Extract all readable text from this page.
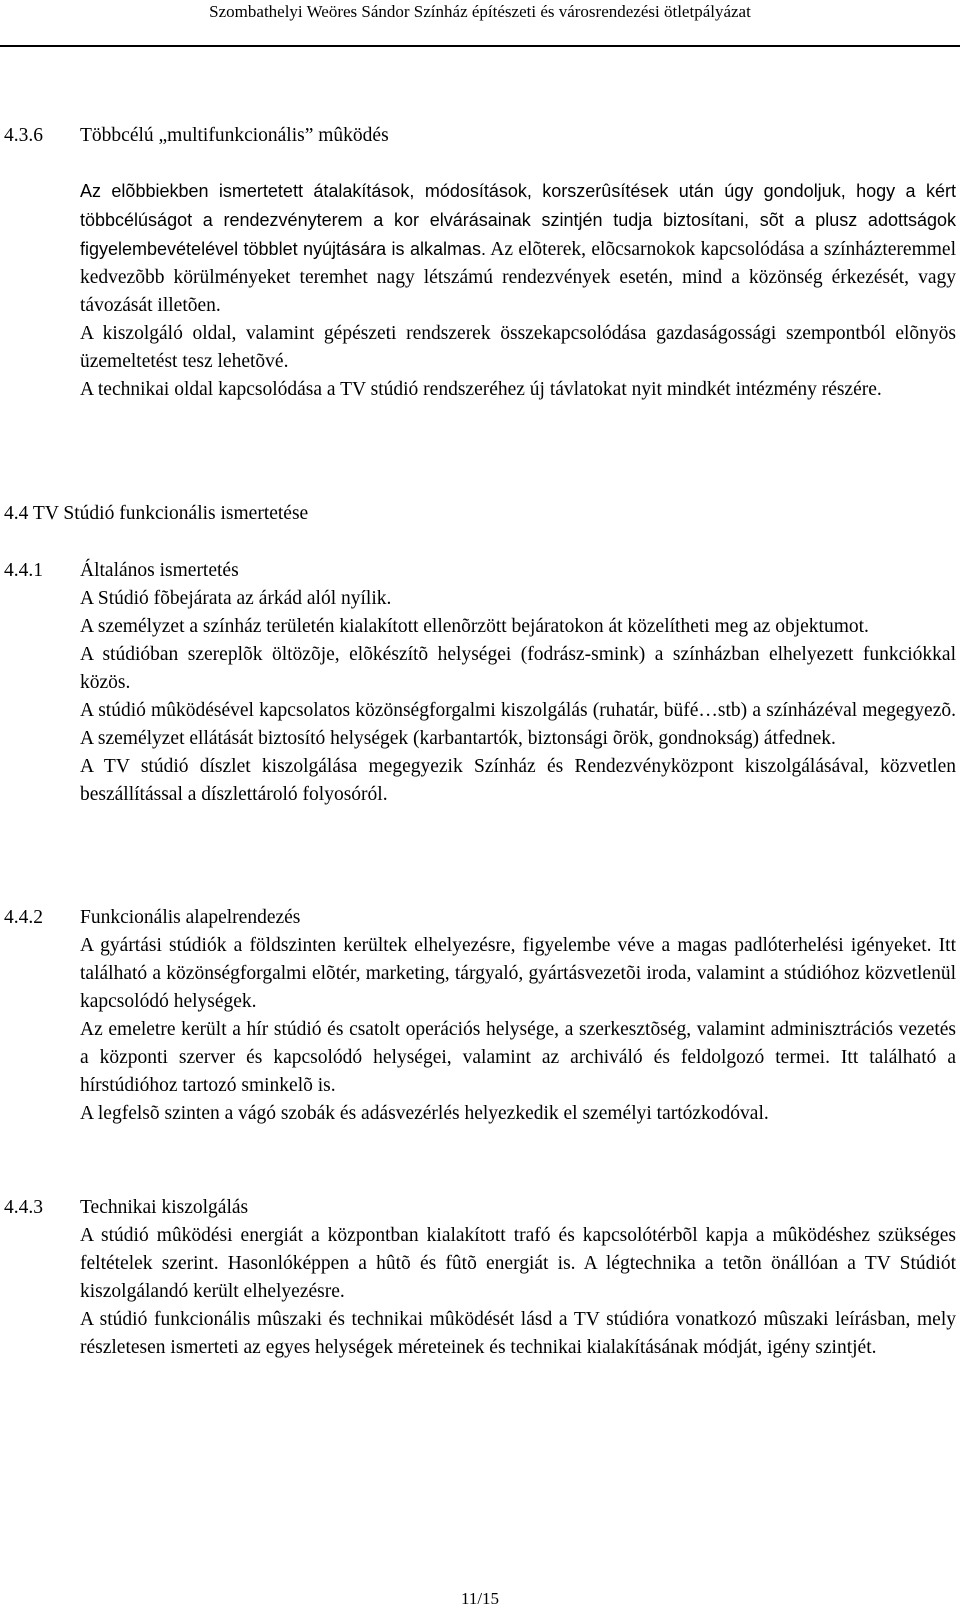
Szombathelyi Weöres Sándor Színház építészeti és városrendezési ötletpályázat
4.3.6 Többcélú „multifunkcionális” mûködés

Az elõbbiekben ismertetett átalakítások, módosítások, korszerûsítések után úgy gondoljuk, hogy a kért többcélúságot a rendezvényterem a kor elvárásainak szintjén tudja biztosítani, sõt a plusz adottságok figyelembevételével többlet nyújtására is alkalmas. Az elõterek, elõcsarnokok kapcsolódása a színházteremmel kedvezõbb körülményeket teremhet nagy létszámú rendezvények esetén, mind a közönség érkezését, vagy távozását illetõen.

A kiszolgáló oldal, valamint gépészeti rendszerek összekapcsolódása gazdaságossági szempontból elõnyös üzemeltetést tesz lehetõvé.

A technikai oldal kapcsolódása a TV stúdió rendszeréhez új távlatokat nyit mindkét intézmény részére.

4.4 TV Stúdió funkcionális ismertetése
4.4.1 Általános ismertetés

A Stúdió fõbejárata az árkád alól nyílik.

A személyzet a színház területén kialakított ellenõrzött bejáratokon át közelítheti meg az objektumot.

A stúdióban szereplõk öltözõje, elõkészítõ helységei (fodrász-smink) a színházban elhelyezett funkciókkal közös.

A stúdió mûködésével kapcsolatos közönségforgalmi kiszolgálás (ruhatár, büfé…stb) a színházéval megegyezõ. A személyzet ellátását biztosító helységek (karbantartók, biztonsági õrök, gondnokság) átfednek.

A TV stúdió díszlet kiszolgálása megegyezik Színház és Rendezvényközpont kiszolgálásával, közvetlen beszállítással a díszlettároló folyosóról.

4.4.2 Funkcionális alapelrendezés

A gyártási stúdiók a földszinten kerültek elhelyezésre, figyelembe véve a magas padlóterhelési igényeket. Itt található a közönségforgalmi elõtér, marketing, tárgyaló, gyártásvezetõi iroda, valamint a stúdióhoz közvetlenül kapcsolódó helységek.

Az emeletre került a hír stúdió és csatolt operációs helysége, a szerkesztõség, valamint adminisztrációs vezetés a központi szerver és kapcsolódó helységei, valamint az archiváló és feldolgozó termei. Itt található a hírstúdióhoz tartozó sminkelõ is.

A legfelsõ szinten a vágó szobák és adásvezérlés helyezkedik el személyi tartózkodóval.

4.4.3 Technikai kiszolgálás

A stúdió mûködési energiát a központban kialakított trafó és kapcsolótérbõl kapja a mûködéshez szükséges feltételek szerint. Hasonlóképpen a hûtõ és fûtõ energiát is. A légtechnika a tetõn önállóan a TV Stúdiót kiszolgálandó került elhelyezésre.

A stúdió funkcionális mûszaki és technikai mûködését lásd a TV stúdióra vonatkozó mûszaki leírásban, mely részletesen ismerteti az egyes helységek méreteinek és technikai kialakításának módját, igény szintjét.

11/15
